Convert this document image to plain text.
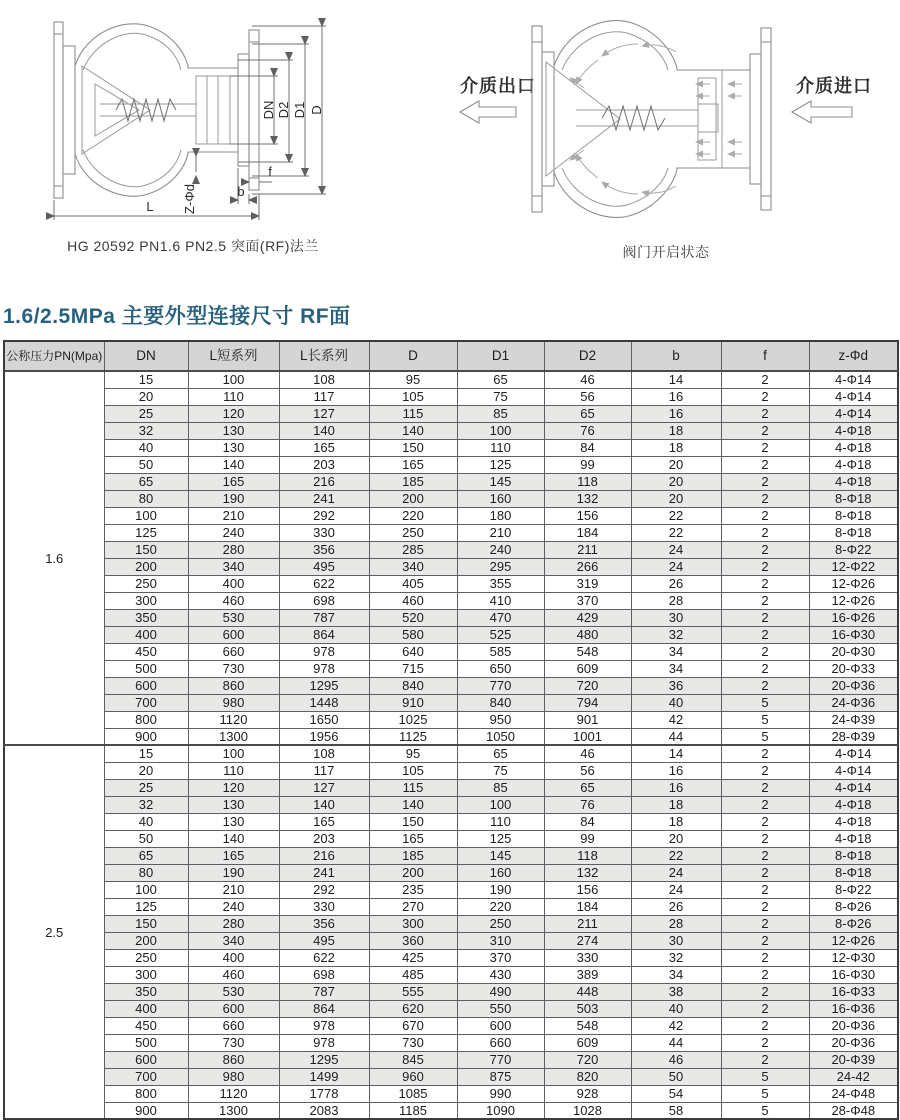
DN D2 D1 D
L
b
f
Z-Φd
HG 20592 PN1.6 PN2.5 突面(RF)法兰
介质出口	介质进口
阀门开启状态
1.6/2.5MPa 主要外型连接尺寸 RF面
公称压力PN(Mpa)	DN	L短系列	L长系列	D	D1	D2	b	f	z-Φd
1.6	15	100	108	95	65	46	14	2	4-Φ14
	20	110	117	105	75	56	16	2	4-Φ14
	25	120	127	115	85	65	16	2	4-Φ14
	32	130	140	140	100	76	18	2	4-Φ18
	40	130	165	150	110	84	18	2	4-Φ18
	50	140	203	165	125	99	20	2	4-Φ18
	65	165	216	185	145	118	20	2	4-Φ18
	80	190	241	200	160	132	20	2	8-Φ18
	100	210	292	220	180	156	22	2	8-Φ18
	125	240	330	250	210	184	22	2	8-Φ18
	150	280	356	285	240	211	24	2	8-Φ22
	200	340	495	340	295	266	24	2	12-Φ22
	250	400	622	405	355	319	26	2	12-Φ26
	300	460	698	460	410	370	28	2	12-Φ26
	350	530	787	520	470	429	30	2	16-Φ26
	400	600	864	580	525	480	32	2	16-Φ30
	450	660	978	640	585	548	34	2	20-Φ30
	500	730	978	715	650	609	34	2	20-Φ33
	600	860	1295	840	770	720	36	2	20-Φ36
	700	980	1448	910	840	794	40	5	24-Φ36
	800	1120	1650	1025	950	901	42	5	24-Φ39
	900	1300	1956	1125	1050	1001	44	5	28-Φ39
2.5	15	100	108	95	65	46	14	2	4-Φ14
	20	110	117	105	75	56	16	2	4-Φ14
	25	120	127	115	85	65	16	2	4-Φ14
	32	130	140	140	100	76	18	2	4-Φ18
	40	130	165	150	110	84	18	2	4-Φ18
	50	140	203	165	125	99	20	2	4-Φ18
	65	165	216	185	145	118	22	2	8-Φ18
	80	190	241	200	160	132	24	2	8-Φ18
	100	210	292	235	190	156	24	2	8-Φ22
	125	240	330	270	220	184	26	2	8-Φ26
	150	280	356	300	250	211	28	2	8-Φ26
	200	340	495	360	310	274	30	2	12-Φ26
	250	400	622	425	370	330	32	2	12-Φ30
	300	460	698	485	430	389	34	2	16-Φ30
	350	530	787	555	490	448	38	2	16-Φ33
	400	600	864	620	550	503	40	2	16-Φ36
	450	660	978	670	600	548	42	2	20-Φ36
	500	730	978	730	660	609	44	2	20-Φ36
	600	860	1295	845	770	720	46	2	20-Φ39
	700	980	1499	960	875	820	50	5	24-42
	800	1120	1778	1085	990	928	54	5	24-Φ48
	900	1300	2083	1185	1090	1028	58	5	28-Φ48
